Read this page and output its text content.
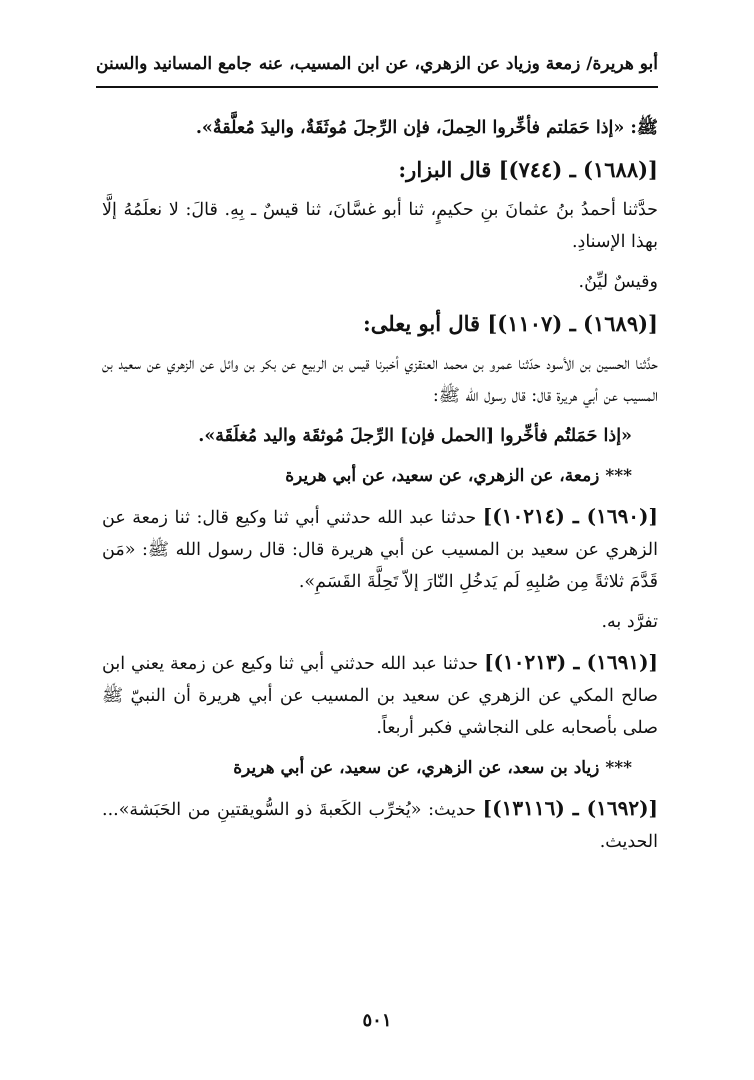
أبو هريرة/ زمعة وزياد عن الزهري، عن ابن المسيب، عنه
جامع المسانيد والسنن

ﷺ: «إذا حَمَلتم فأخِّروا الحِملَ، فإن الرِّجلَ مُوثَقَةٌ، واليدَ مُعلَّقةٌ».

[(١٦٨٨) ـ (٧٤٤)] قال البزار:

حدَّثنا أحمدُ بنُ عثمانَ بنِ حكيمٍ، ثنا أبو غسَّانَ، ثنا قيسٌ ـ بِهِ. قالَ: لا نعلَمُهُ إلَّا بهذا الإسنادِ.

وقيسٌ ليِّنٌ.

[(١٦٨٩) ـ (١١٠٧)] قال أبو يعلى:

حدَّثنا الحسين بن الأسود حدّثنا عمرو بن محمد العنقزي أخبرنا قيس بن الربيع عن بكر بن وائل عن الزهري عن سعيد بن المسيب عن أبي هريرة قال: قال رسول الله ﷺ:

«إذا حَمَلتُم فأخِّروا [الحمل فإن] الرِّجلَ مُوثقَة واليد مُغلَقَة».

*** زمعة، عن الزهري، عن سعيد، عن أبي هريرة

[(١٦٩٠) ـ (١٠٢١٤)] حدثنا عبد الله حدثني أبي ثنا وكيع قال: ثنا زمعة عن الزهري عن سعيد بن المسيب عن أبي هريرة قال: قال رسول الله ﷺ: «مَن قَدَّمَ ثلاثةً مِن صُلبِهِ لَم يَدخُلِ النّارَ إلاّ تَحِلَّةَ القَسَمِ».

تفرَّد به.

[(١٦٩١) ـ (١٠٢١٣)] حدثنا عبد الله حدثني أبي ثنا وكيع عن زمعة يعني ابن صالح المكي عن الزهري عن سعيد بن المسيب عن أبي هريرة أن النبيّ ﷺ صلى بأصحابه على النجاشي فكبر أربعاً.

*** زياد بن سعد، عن الزهري، عن سعيد، عن أبي هريرة

[(١٦٩٢) ـ (١٣١١٦)] حديث: «يُخرِّب الكَعبةَ ذو السُّويقتينِ من الحَبَشة»... الحديث.

٥٠١
